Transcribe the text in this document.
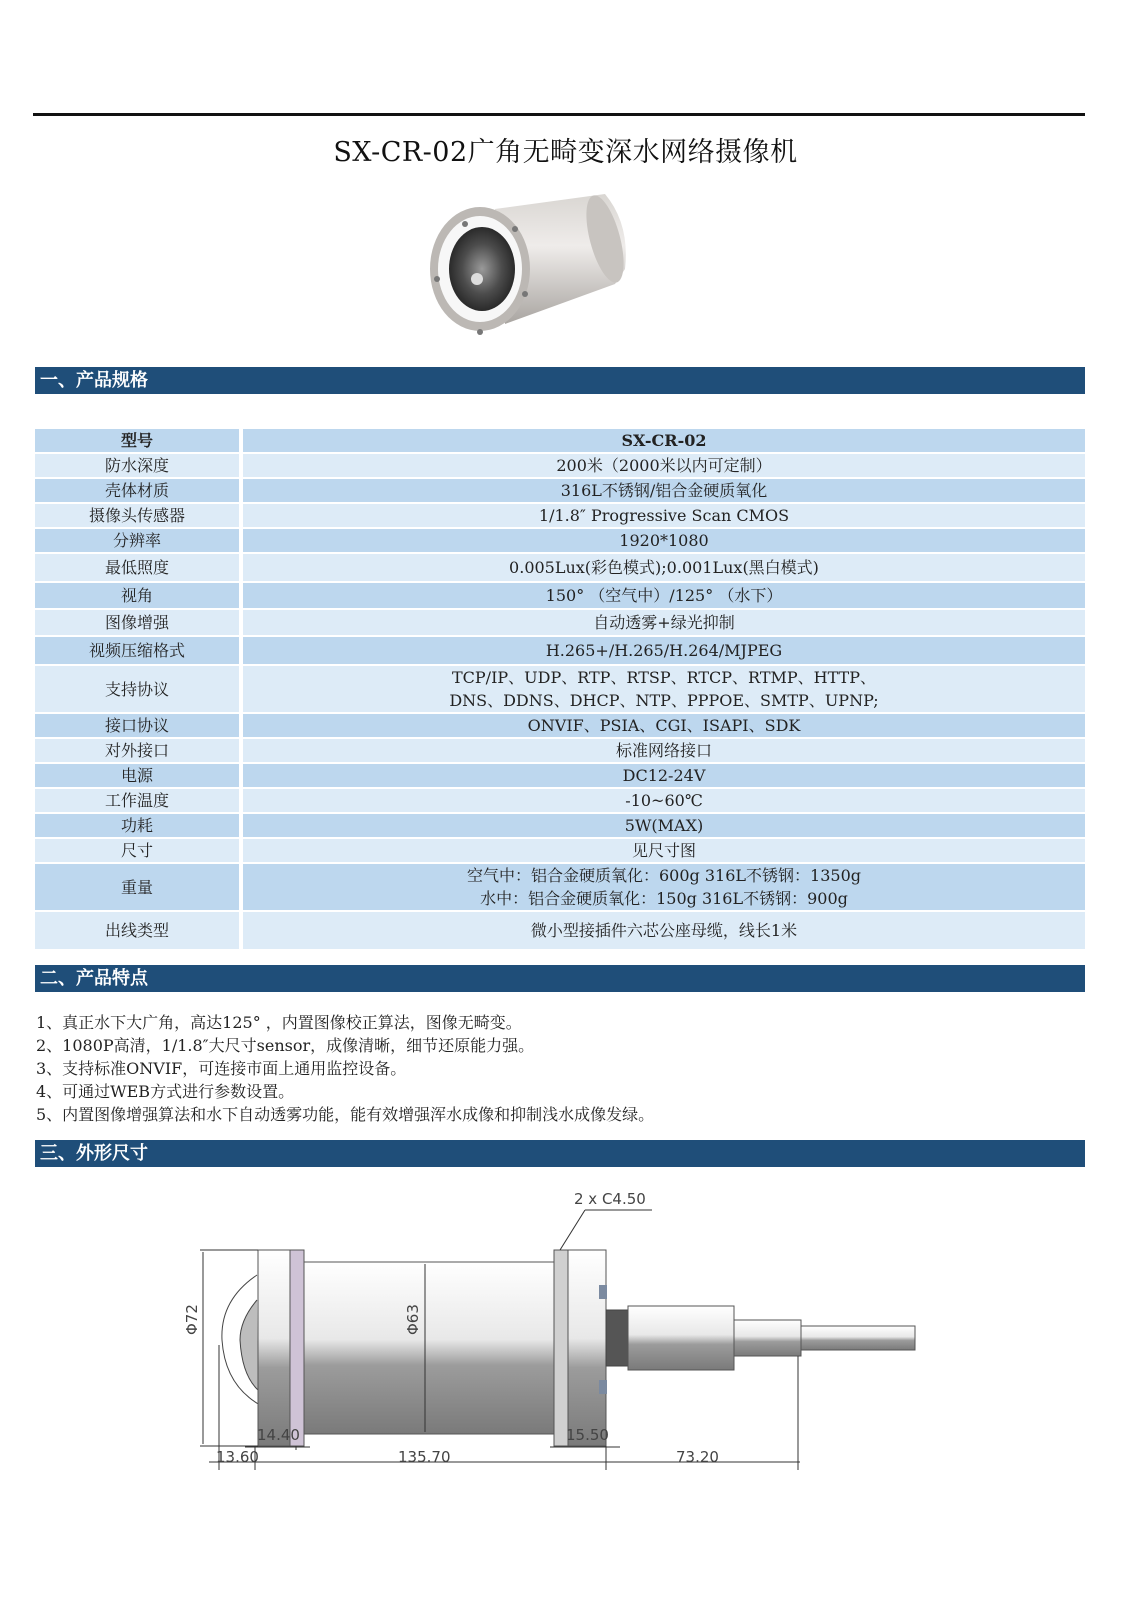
SX-CR-02广角无畸变深水网络摄像机
一、产品规格
型号	SX-CR-02
防水深度	200米（2000米以内可定制）
壳体材质	316L不锈钢/铝合金硬质氧化
摄像头传感器	1/1.8″ Progressive Scan CMOS
分辨率	1920*1080
最低照度	0.005Lux(彩色模式);0.001Lux(黑白模式)
视角	150° （空气中）/125° （水下）
图像增强	自动透雾+绿光抑制
视频压缩格式	H.265+/H.265/H.264/MJPEG
支持协议	TCP/IP、UDP、RTP、RTSP、RTCP、RTMP、HTTP、
DNS、DDNS、DHCP、NTP、PPPOE、SMTP、UPNP;

接口协议	ONVIF、PSIA、CGI、ISAPI、SDK
对外接口	标准网络接口
电源	DC12-24V
工作温度	-10~60℃
功耗	5W(MAX)
尺寸	见尺寸图
重量	空气中：铝合金硬质氧化：600g 316L不锈钢：1350g
水中：铝合金硬质氧化：150g 316L不锈钢：900g

出线类型	微小型接插件六芯公座母缆，线长1米
二、产品特点
1、真正水下大广角，高达125° ，内置图像校正算法，图像无畸变。
2、1080P高清，1/1.8″大尺寸sensor，成像清晰，细节还原能力强。
3、支持标准ONVIF，可连接市面上通用监控设备。
4、可通过WEB方式进行参数设置。
5、内置图像增强算法和水下自动透雾功能，能有效增强浑水成像和抑制浅水成像发绿。
三、外形尺寸
2 x C4.50
Φ72	Φ63
14.40	15.50
13.60	135.70	73.20
